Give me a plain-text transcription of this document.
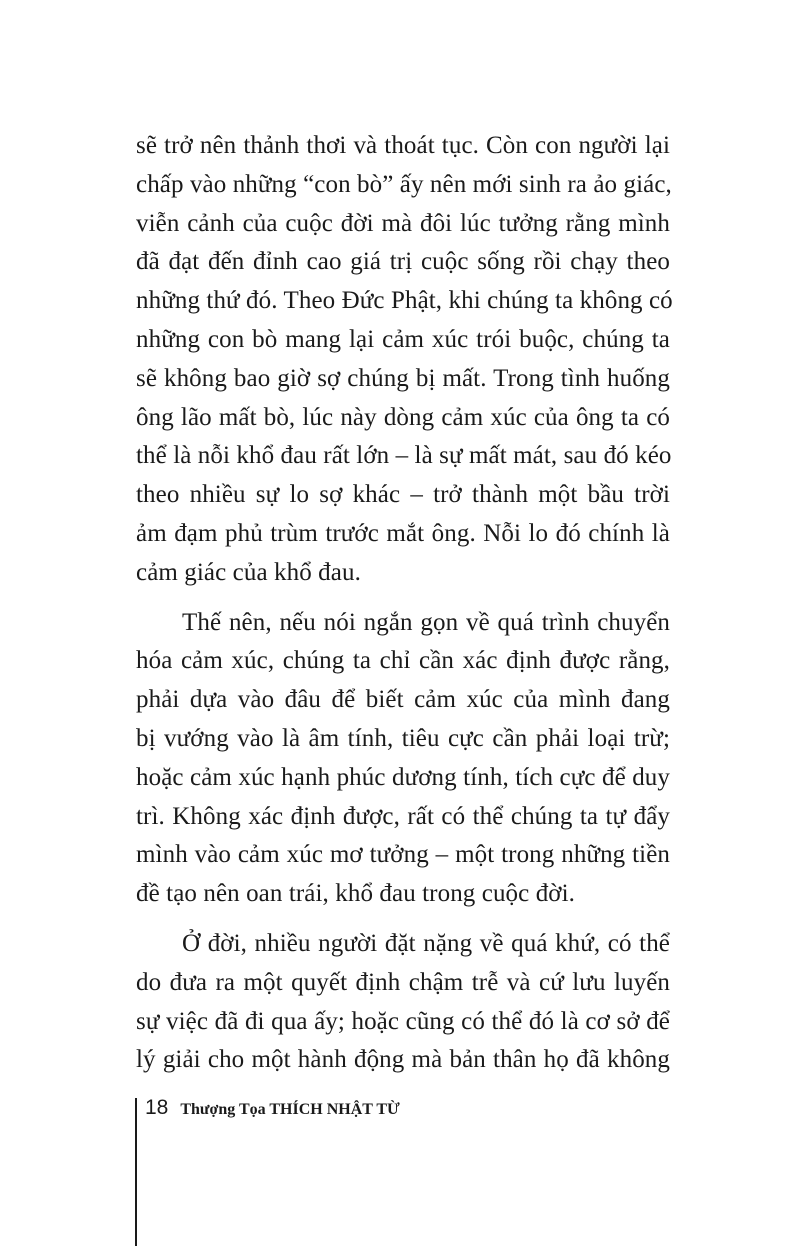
sẽ trở nên thảnh thơi và thoát tục. Còn con người lại
chấp vào những “con bò” ấy nên mới sinh ra ảo giác,
viễn cảnh của cuộc đời mà đôi lúc tưởng rằng mình
đã đạt đến đỉnh cao giá trị cuộc sống rồi chạy theo
những thứ đó. Theo Đức Phật, khi chúng ta không có
những con bò mang lại cảm xúc trói buộc, chúng ta
sẽ không bao giờ sợ chúng bị mất. Trong tình huống
ông lão mất bò, lúc này dòng cảm xúc của ông ta có
thể là nỗi khổ đau rất lớn – là sự mất mát, sau đó kéo
theo nhiều sự lo sợ khác – trở thành một bầu trời
ảm đạm phủ trùm trước mắt ông. Nỗi lo đó chính là
cảm giác của khổ đau.

Thế nên, nếu nói ngắn gọn về quá trình chuyển
hóa cảm xúc, chúng ta chỉ cần xác định được rằng,
phải dựa vào đâu để biết cảm xúc của mình đang
bị vướng vào là âm tính, tiêu cực cần phải loại trừ;
hoặc cảm xúc hạnh phúc dương tính, tích cực để duy
trì. Không xác định được, rất có thể chúng ta tự đẩy
mình vào cảm xúc mơ tưởng – một trong những tiền
đề tạo nên oan trái, khổ đau trong cuộc đời.

Ở đời, nhiều người đặt nặng về quá khứ, có thể
do đưa ra một quyết định chậm trễ và cứ lưu luyến
sự việc đã đi qua ấy; hoặc cũng có thể đó là cơ sở để
lý giải cho một hành động mà bản thân họ đã không

18 Thượng Tọa THÍCH NHẬT TỪ
